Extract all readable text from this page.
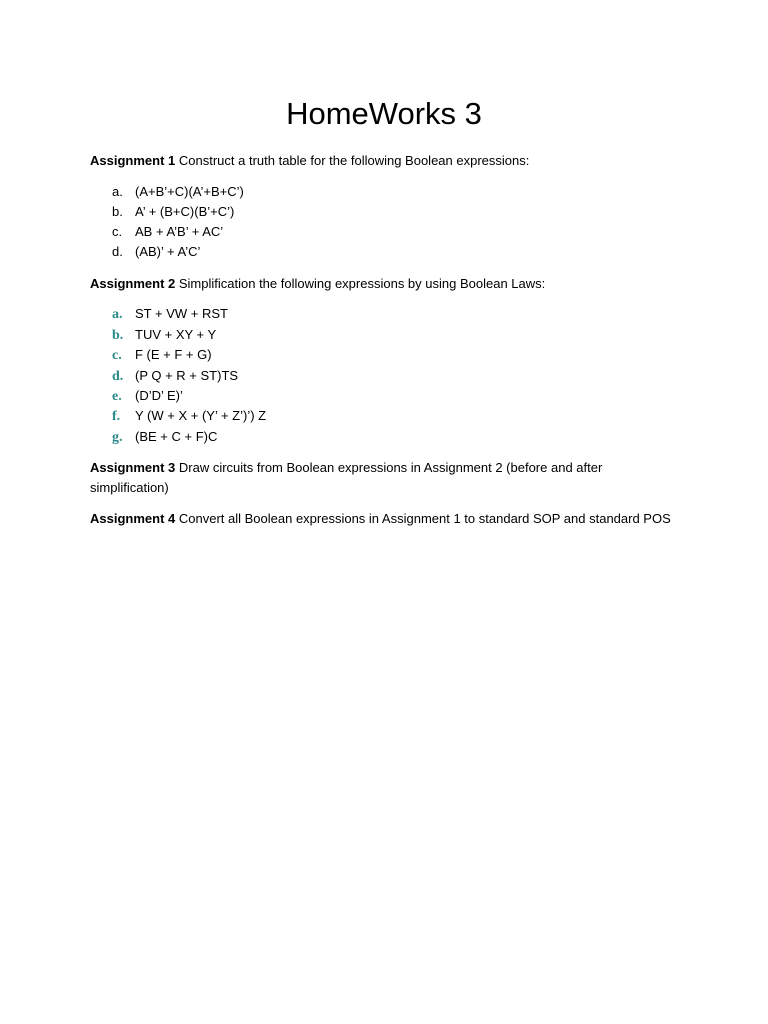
HomeWorks 3
Assignment 1 Construct a truth table for the following Boolean expressions:
a. (A+B’+C)(A’+B+C’)
b. A’ + (B+C)(B’+C’)
c. AB + A’B’ + AC’
d. (AB)’ + A’C’
Assignment 2 Simplification the following expressions by using Boolean Laws:
a. ST + VW + RST
b. TUV + XY + Y
c. F (E + F + G)
d. (P Q + R + ST)TS
e. (D’D’ E)’
f. Y (W + X + (Y’ + Z’)’) Z
g. (BE + C + F)C
Assignment 3 Draw circuits from Boolean expressions in Assignment 2 (before and after simplification)
Assignment 4 Convert all Boolean expressions in Assignment 1 to standard SOP and standard POS
